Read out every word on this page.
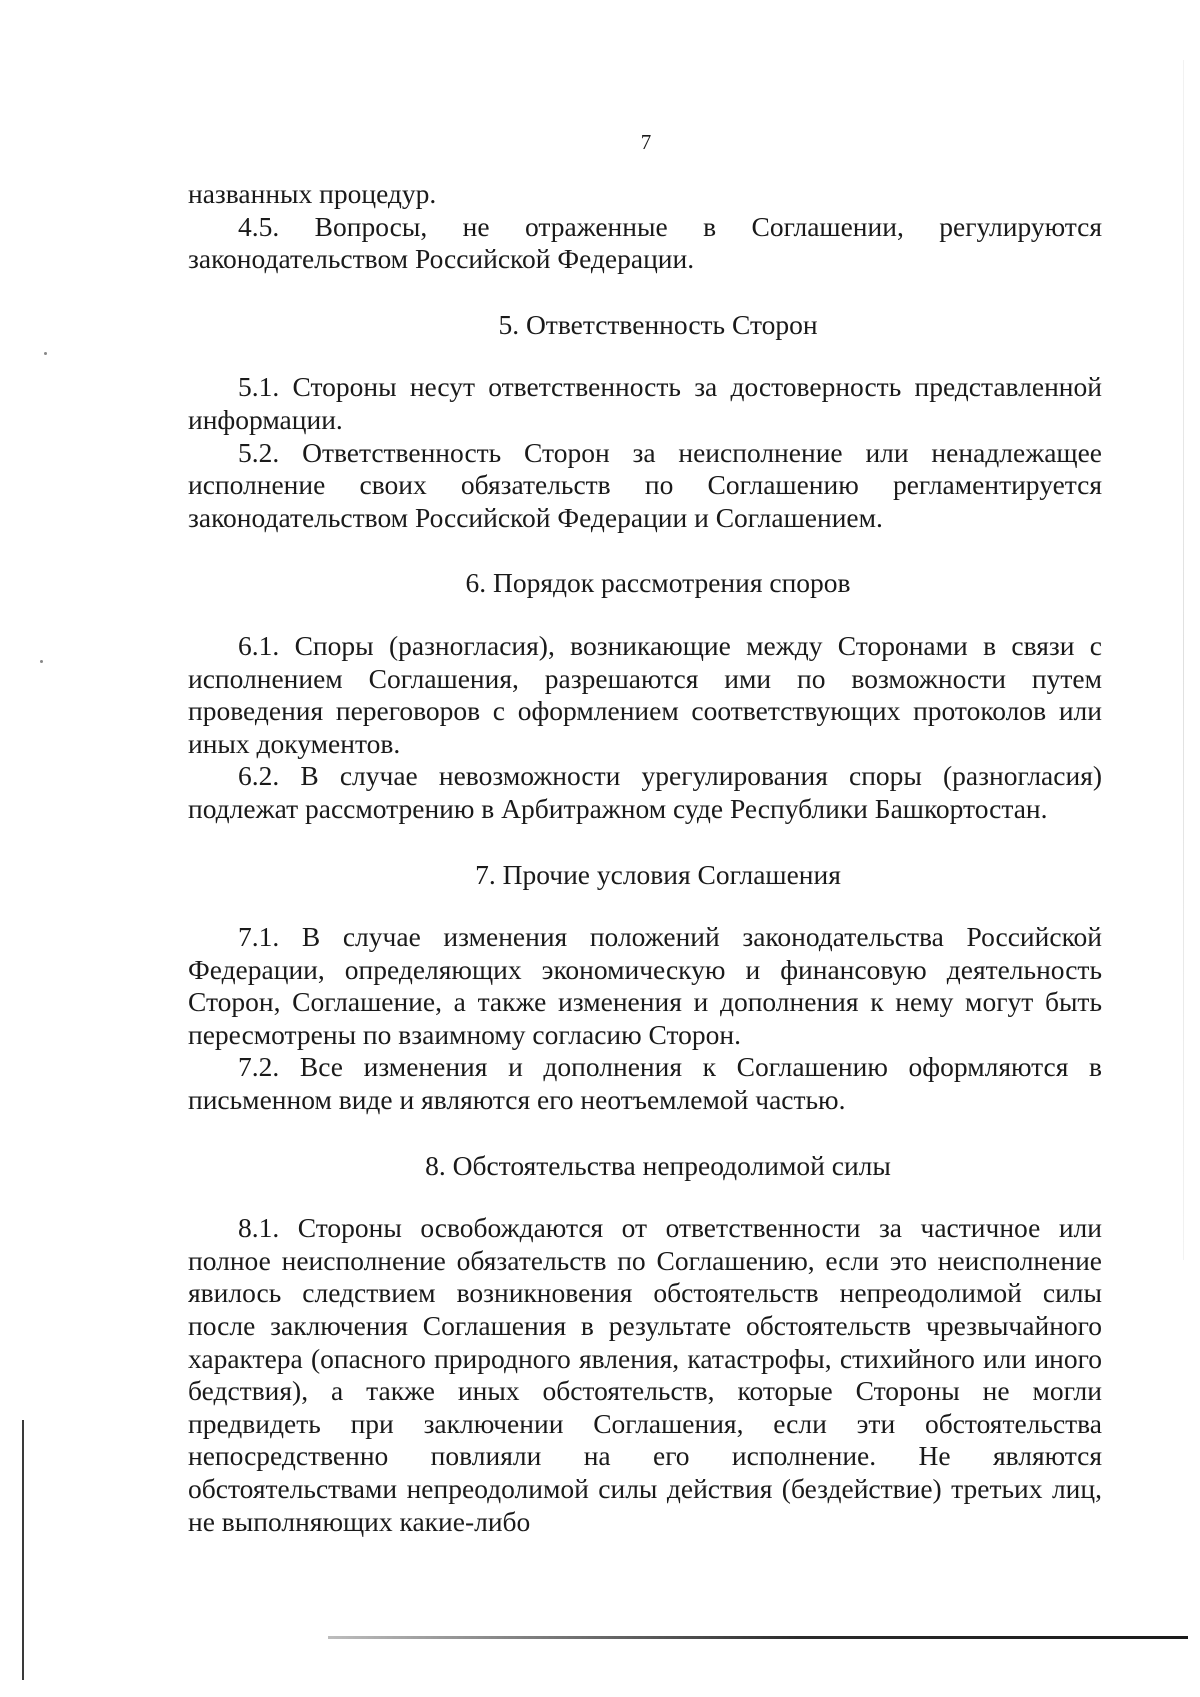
7

названных процедур.

4.5. Вопросы, не отраженные в Соглашении, регулируются законодательством Российской Федерации.

5. Ответственность Сторон

5.1. Стороны несут ответственность за достоверность представленной информации.

5.2. Ответственность Сторон за неисполнение или ненадлежащее исполнение своих обязательств по Соглашению регламентируется законодательством Российской Федерации и Соглашением.

6. Порядок рассмотрения споров

6.1. Споры (разногласия), возникающие между Сторонами в связи с исполнением Соглашения, разрешаются ими по возможности путем проведения переговоров с оформлением соответствующих протоколов или иных документов.

6.2. В случае невозможности урегулирования споры (разногласия) подлежат рассмотрению в Арбитражном суде Республики Башкортостан.

7. Прочие условия Соглашения

7.1. В случае изменения положений законодательства Российской Федерации, определяющих экономическую и финансовую деятельность Сторон, Соглашение, а также изменения и дополнения к нему могут быть пересмотрены по взаимному согласию Сторон.

7.2. Все изменения и дополнения к Соглашению оформляются в письменном виде и являются его неотъемлемой частью.

8. Обстоятельства непреодолимой силы

8.1. Стороны освобождаются от ответственности за частичное или полное неисполнение обязательств по Соглашению, если это неисполнение явилось следствием возникновения обстоятельств непреодолимой силы после заключения Соглашения в результате обстоятельств чрезвычайного характера (опасного природного явления, катастрофы, стихийного или иного бедствия), а также иных обстоятельств, которые Стороны не могли предвидеть при заключении Соглашения, если эти обстоятельства непосредственно повлияли на его исполнение. Не являются обстоятельствами непреодолимой силы действия (бездействие) третьих лиц, не выполняющих какие-либо
